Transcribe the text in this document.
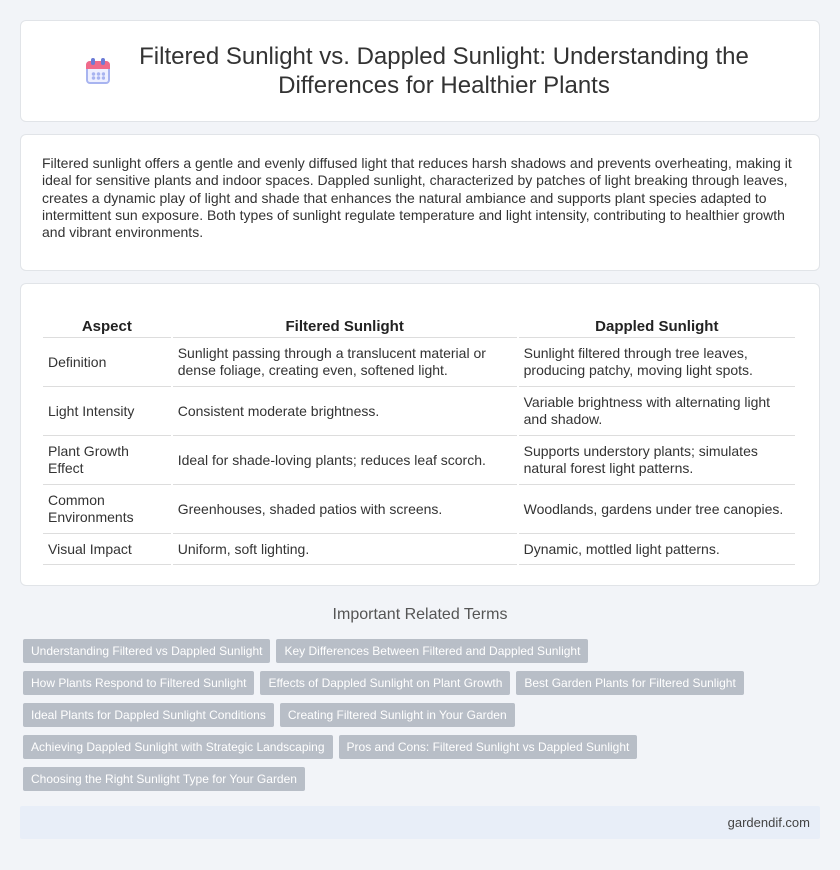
Filtered Sunlight vs. Dappled Sunlight: Understanding the Differences for Healthier Plants

Filtered sunlight offers a gentle and evenly diffused light that reduces harsh shadows and prevents overheating, making it ideal for sensitive plants and indoor spaces. Dappled sunlight, characterized by patches of light breaking through leaves, creates a dynamic play of light and shade that enhances the natural ambiance and supports plant species adapted to intermittent sun exposure. Both types of sunlight regulate temperature and light intensity, contributing to healthier growth and vibrant environments.

Aspect	Filtered Sunlight	Dappled Sunlight
Definition	Sunlight passing through a translucent material or dense foliage, creating even, softened light.	Sunlight filtered through tree leaves, producing patchy, moving light spots.
Light Intensity	Consistent moderate brightness.	Variable brightness with alternating light and shadow.
Plant Growth Effect	Ideal for shade-loving plants; reduces leaf scorch.	Supports understory plants; simulates natural forest light patterns.
Common Environments	Greenhouses, shaded patios with screens.	Woodlands, gardens under tree canopies.
Visual Impact	Uniform, soft lighting.	Dynamic, mottled light patterns.
Important Related Terms
Understanding Filtered vs Dappled Sunlight Key Differences Between Filtered and Dappled Sunlight
How Plants Respond to Filtered Sunlight Effects of Dappled Sunlight on Plant Growth Best Garden Plants for Filtered Sunlight
Ideal Plants for Dappled Sunlight Conditions Creating Filtered Sunlight in Your Garden
Achieving Dappled Sunlight with Strategic Landscaping Pros and Cons: Filtered Sunlight vs Dappled Sunlight
Choosing the Right Sunlight Type for Your Garden
gardendif.com
